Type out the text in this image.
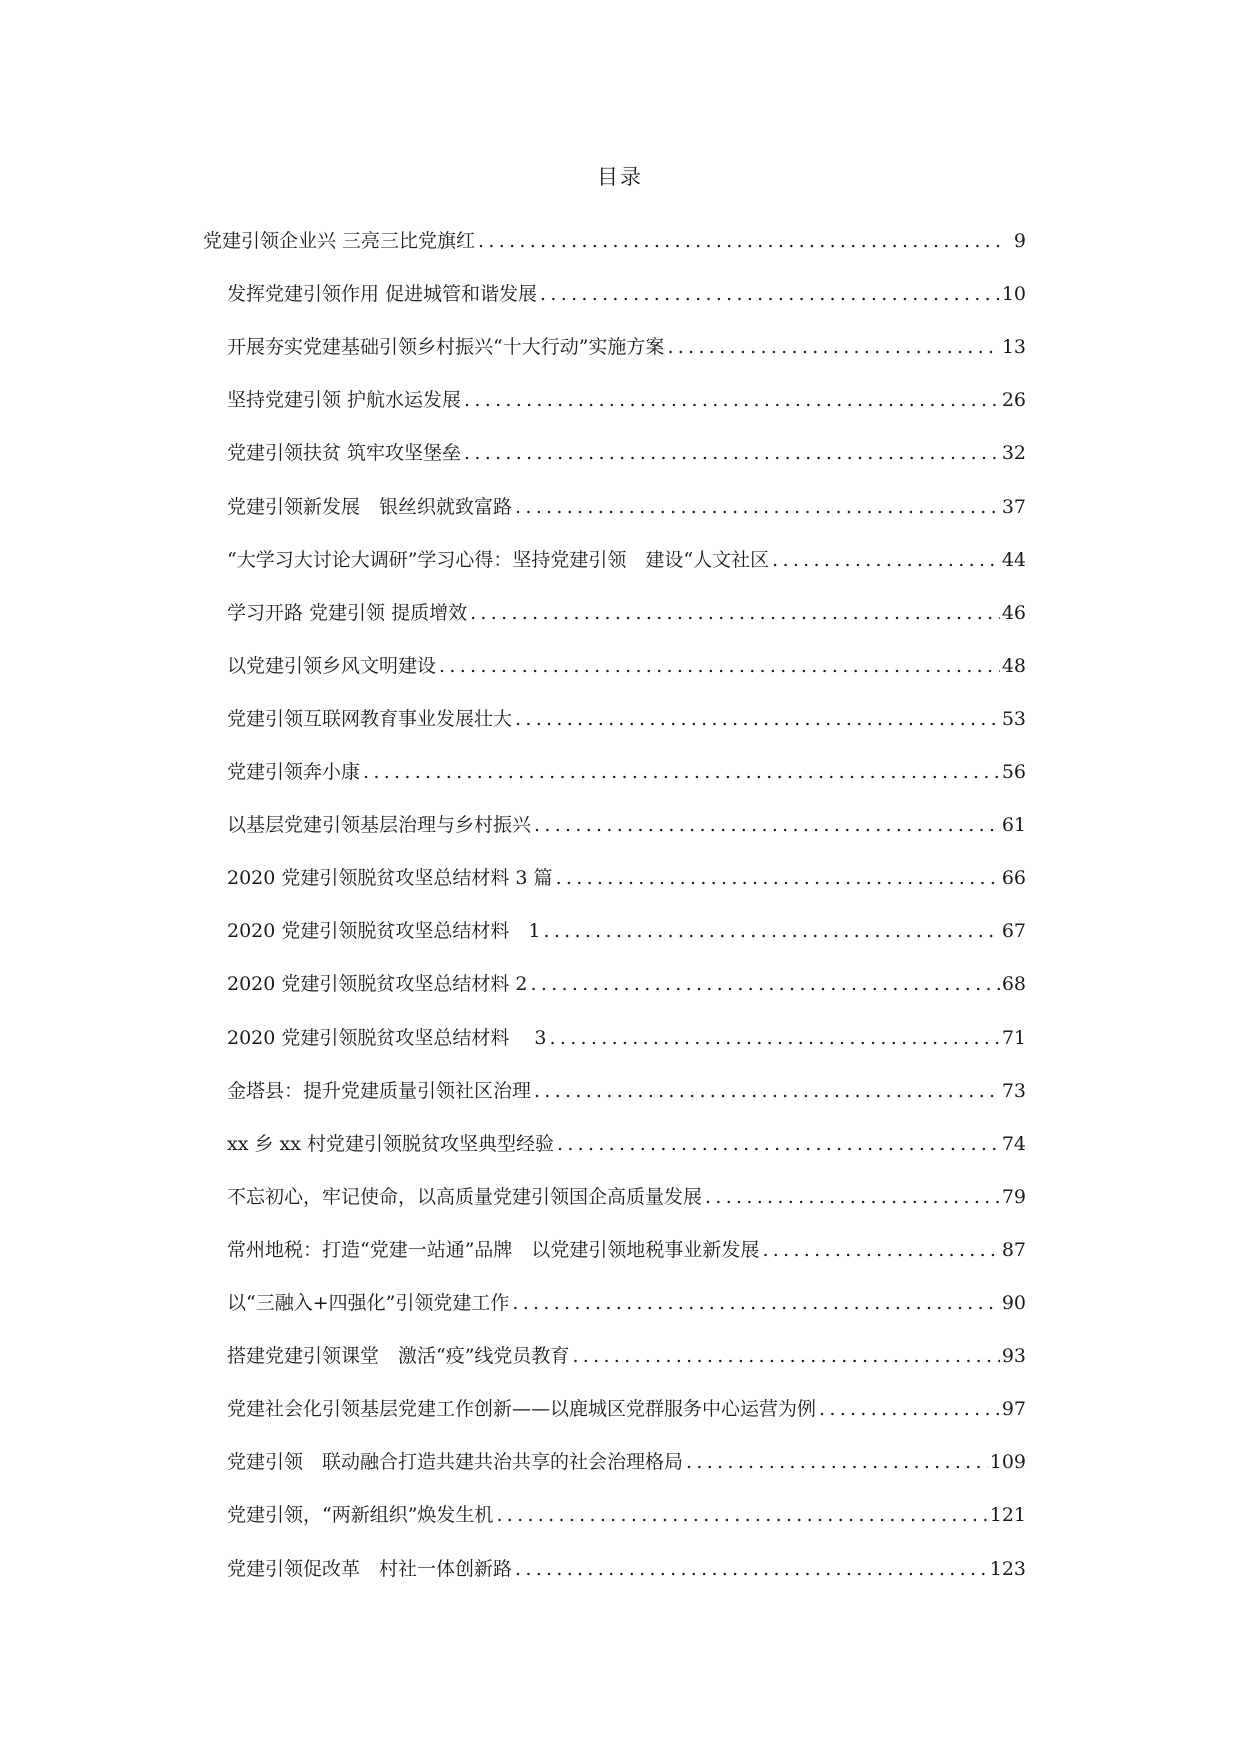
目录
党建引领企业兴 三亮三比党旗红 .....	9
发挥党建引领作用 促进城管和谐发展 .....	10
开展夯实党建基础引领乡村振兴“十大行动”实施方案 .....	13
坚持党建引领 护航水运发展 .....	26
党建引领扶贫 筑牢攻坚堡垒 .....	32
党建引领新发展　银丝织就致富路 .....	37
“大学习大讨论大调研”学习心得：坚持党建引领　建设“人文社区 .....	44
学习开路 党建引领 提质增效 .....	46
以党建引领乡风文明建设 .....	48
党建引领互联网教育事业发展壮大 .....	53
党建引领奔小康 .....	56
以基层党建引领基层治理与乡村振兴 .....	61
2020 党建引领脱贫攻坚总结材料 3 篇 .....	66
2020 党建引领脱贫攻坚总结材料　1 .....	67
2020 党建引领脱贫攻坚总结材料 2 .....	68
2020 党建引领脱贫攻坚总结材料　 3 .....	71
金塔县：提升党建质量引领社区治理 .....	73
xx 乡 xx 村党建引领脱贫攻坚典型经验 .....	74
不忘初心，牢记使命，以高质量党建引领国企高质量发展 .....	79
常州地税：打造“党建一站通”品牌　以党建引领地税事业新发展 .....	87
以“三融入+四强化”引领党建工作 .....	90
搭建党建引领课堂　激活“疫”线党员教育 .....	93
党建社会化引领基层党建工作创新——以鹿城区党群服务中心运营为例 .....	97
党建引领　联动融合打造共建共治共享的社会治理格局 .....	109
党建引领，“两新组织”焕发生机 .....	121
党建引领促改革　村社一体创新路 .....	123
